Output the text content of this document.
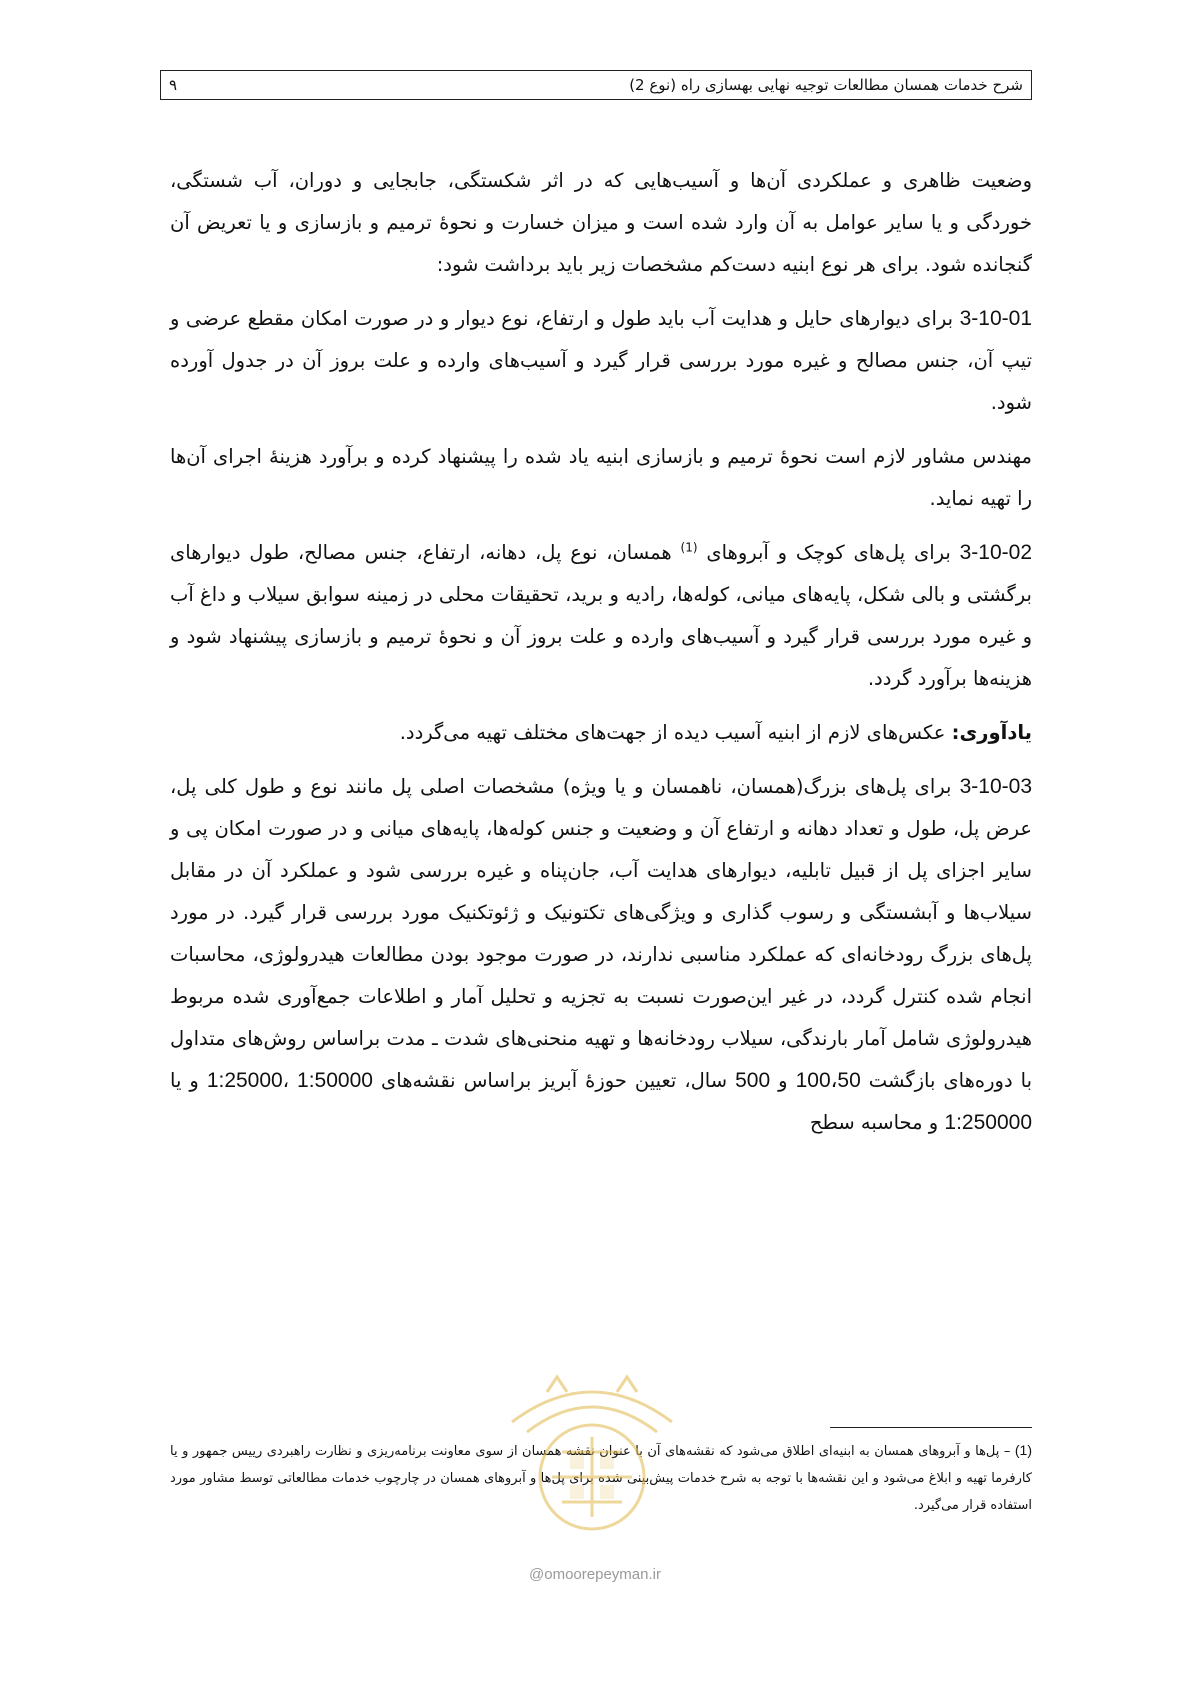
شرح خدمات همسان مطالعات توجیه نهایی بهسازی راه (نوع 2)
۹

وضعیت ظاهری و عملکردی آن‌ها و آسیب‌هایی که در اثر شکستگی، جابجایی و دوران، آب شستگی، خوردگی و یا سایر عوامل به آن وارد شده است و میزان خسارت و نحوهٔ ترمیم و بازسازی و یا تعریض آن گنجانده شود. برای هر نوع ابنیه دست‌کم مشخصات زیر باید برداشت شود:

3-10-01 برای دیوارهای حایل و هدایت آب باید طول و ارتفاع، نوع دیوار و در صورت امکان مقطع عرضی و تیپ آن، جنس مصالح و غیره مورد بررسی قرار گیرد و آسیب‌های وارده و علت بروز آن در جدول آورده شود.

مهندس مشاور لازم است نحوهٔ ترمیم و بازسازی ابنیه یاد شده را پیشنهاد کرده و برآورد هزینهٔ اجرای آن‌ها را تهیه نماید.

3-10-02 برای پل‌های کوچک و آبروهای $^{(1)}$ همسان، نوع پل، دهانه، ارتفاع، جنس مصالح، طول دیوارهای برگشتی و بالی شکل، پایه‌های میانی، کوله‌ها، رادیه و برید، تحقیقات محلی در زمینه سوابق سیلاب و داغ آب و غیره مورد بررسی قرار گیرد و آسیب‌های وارده و علت بروز آن و نحوهٔ ترمیم و بازسازی پیشنهاد شود و هزینه‌ها برآورد گردد.

یادآوری: عکس‌های لازم از ابنیه آسیب دیده از جهت‌های مختلف تهیه می‌گردد.

3-10-03 برای پل‌های بزرگ(همسان، ناهمسان و یا ویژه) مشخصات اصلی پل مانند نوع و طول کلی پل، عرض پل، طول و تعداد دهانه و ارتفاع آن و وضعیت و جنس کوله‌ها، پایه‌های میانی و در صورت امکان پی و سایر اجزای پل از قبیل تابلیه، دیوارهای هدایت آب، جان‌پناه و غیره بررسی شود و عملکرد آن در مقابل سیلاب‌ها و آبشستگی و رسوب گذاری و ویژگی‌های تکتونیک و ژئوتکنیک مورد بررسی قرار گیرد. در مورد پل‌های بزرگ رودخانه‌ای که عملکرد مناسبی ندارند، در صورت موجود بودن مطالعات هیدرولوژی، محاسبات انجام شده کنترل گردد، در غیر این‌صورت نسبت به تجزیه و تحلیل آمار و اطلاعات جمع‌آوری شده مربوط هیدرولوژی شامل آمار بارندگی، سیلاب رودخانه‌ها و تهیه منحنی‌های شدت ـ مدت براساس روش‌های متداول با دوره‌های بازگشت 100،50 و 500 سال، تعیین حوزهٔ آبریز براساس نقشه‌های 1:25000، 1:50000 و یا 1:250000 و محاسبه سطح

(1) – پل‌ها و آبروهای همسان به ابنیه‌ای اطلاق می‌شود که نقشه‌های آن با عنوان نقشه همسان از سوی معاونت برنامه‌ریزی و نظارت راهبردی رییس جمهور و یا کارفرما تهیه و ابلاغ می‌شود و این نقشه‌ها با توجه به شرح خدمات پیش‌بینی شده برای پل‌ها و آبروهای همسان در چارچوب خدمات مطالعاتی توسط مشاور مورد استفاده قرار می‌گیرد.
@omoorepeyman.ir
